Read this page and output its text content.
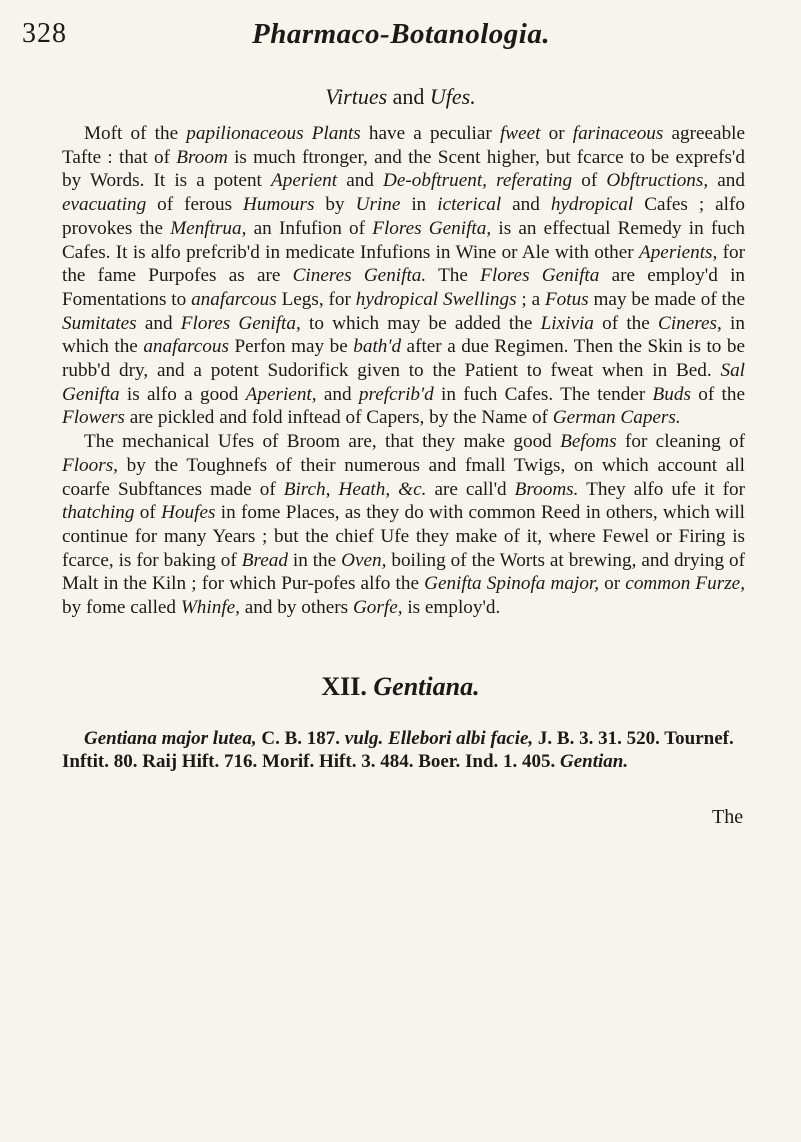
328	Pharmaco-Botanologia.
Virtues and Ufes.

Moft of the papilionaceous Plants have a peculiar fweet or farinaceous agreeable Tafte : that of Broom is much ftronger, and the Scent higher, but fcarce to be exprefs'd by Words. It is a potent Aperient and De-obftruent, referating of Obftructions, and evacuating of ferous Humours by Urine in icterical and hydropical Cafes ; alfo provokes the Menftrua, an Infufion of Flores Genifta, is an effectual Remedy in fuch Cafes. It is alfo prefcrib'd in medicate Infufions in Wine or Ale with other Aperients, for the fame Purpofes as are Cineres Genifta. The Flores Genifta are employ'd in Fomentations to anafarcous Legs, for hydropical Swellings ; a Fotus may be made of the Sumitates and Flores Genifta, to which may be added the Lixivia of the Cineres, in which the anafarcous Perfon may be bath'd after a due Regimen. Then the Skin is to be rubb'd dry, and a potent Sudorifick given to the Patient to fweat when in Bed. Sal Genifta is alfo a good Aperient, and prefcrib'd in fuch Cafes. The tender Buds of the Flowers are pickled and fold inftead of Capers, by the Name of German Capers.

The mechanical Ufes of Broom are, that they make good Befoms for cleaning of Floors, by the Toughnefs of their numerous and fmall Twigs, on which account all coarfe Subftances made of Birch, Heath, &c. are call'd Brooms. They alfo ufe it for thatching of Houfes in fome Places, as they do with common Reed in others, which will continue for many Years ; but the chief Ufe they make of it, where Fewel or Firing is fcarce, is for baking of Bread in the Oven, boiling of the Worts at brewing, and drying of Malt in the Kiln ; for which Pur-pofes alfo the Genifta Spinofa major, or common Furze, by fome called Whinfe, and by others Gorfe, is employ'd.

XII. Gentiana.

Gentiana major lutea, C. B. 187. vulg. Ellebori albi facie, J. B. 3. 31. 520. Tournef. Inftit. 80. Raij Hift. 716. Morif. Hift. 3. 484. Boer. Ind. 1. 405. Gentian.

The
